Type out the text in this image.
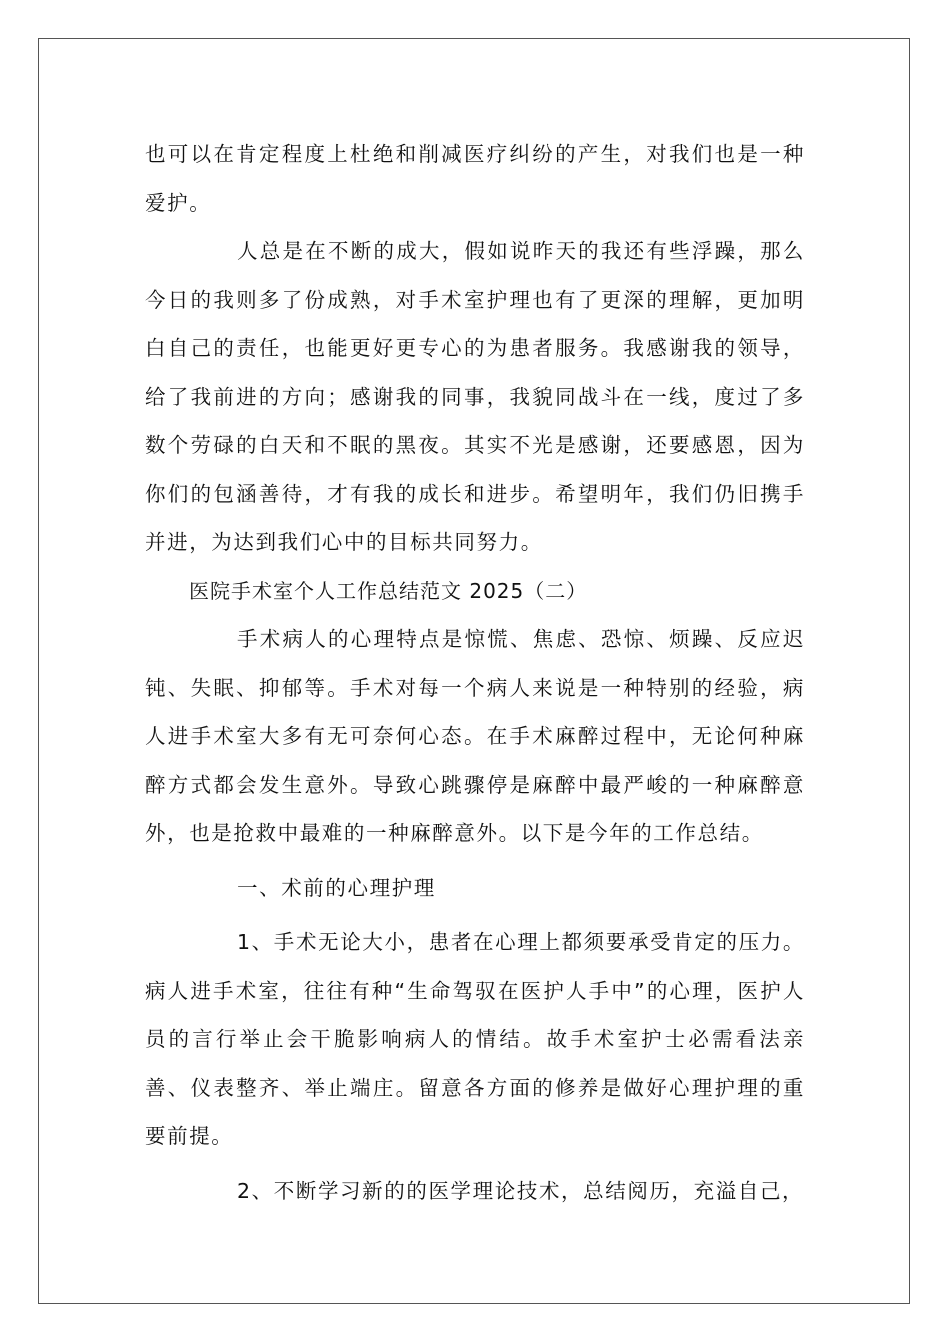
也可以在肯定程度上杜绝和削减医疗纠纷的产生，对我们也是一种爱护。

人总是在不断的成大，假如说昨天的我还有些浮躁，那么今日的我则多了份成熟，对手术室护理也有了更深的理解，更加明白自己的责任，也能更好更专心的为患者服务。我感谢我的领导，给了我前进的方向；感谢我的同事，我貌同战斗在一线，度过了多数个劳碌的白天和不眠的黑夜。其实不光是感谢，还要感恩，因为你们的包涵善待，才有我的成长和进步。希望明年，我们仍旧携手并进，为达到我们心中的目标共同努力。

医院手术室个人工作总结范文 2025（二）

手术病人的心理特点是惊慌、焦虑、恐惊、烦躁、反应迟钝、失眠、抑郁等。手术对每一个病人来说是一种特别的经验，病人进手术室大多有无可奈何心态。在手术麻醉过程中，无论何种麻醉方式都会发生意外。导致心跳骤停是麻醉中最严峻的一种麻醉意外，也是抢救中最难的一种麻醉意外。以下是今年的工作总结。

一、术前的心理护理

1、手术无论大小，患者在心理上都须要承受肯定的压力。病人进手术室，往往有种“生命驾驭在医护人手中”的心理，医护人员的言行举止会干脆影响病人的情结。故手术室护士必需看法亲善、仪表整齐、举止端庄。留意各方面的修养是做好心理护理的重要前提。

2、不断学习新的的医学理论技术，总结阅历，充溢自己，
